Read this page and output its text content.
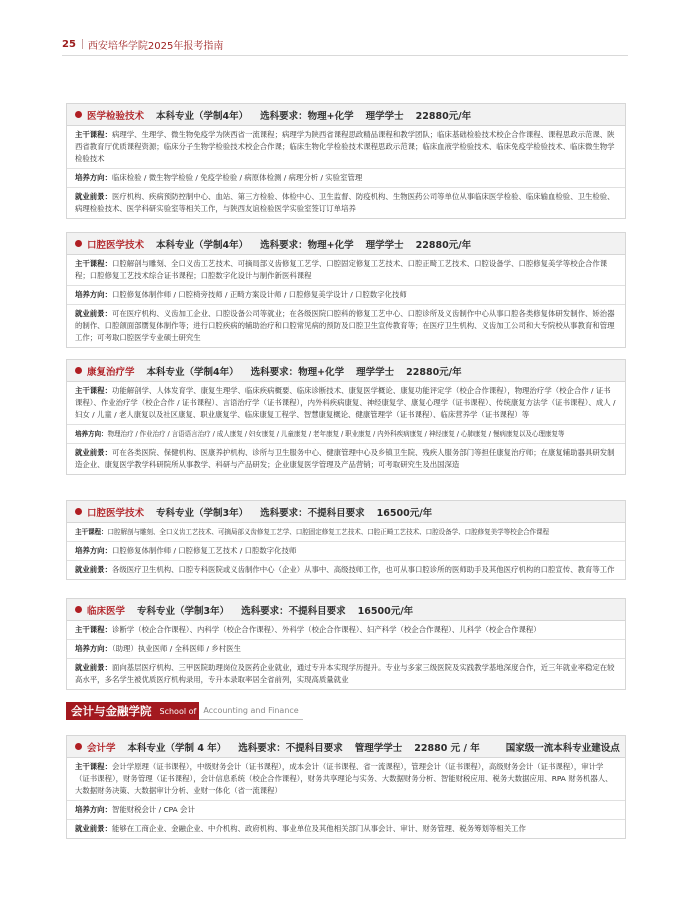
25 西安培华学院2025年报考指南
医学检验技术 本科专业（学制4年） 选科要求：物理+化学 理学学士 22880元/年
主干课程：病理学、生理学、微生物免疫学为陕西省一流课程；病理学为陕西省课程思政精品课程和教学团队；临床基础检验技术校企合作课程、课程思政示范课、陕西省教育厅优质课程资源；临床分子生物学检验技术校企合作课；临床生物化学检验技术课程思政示范课；临床血液学检验技术、临床免疫学检验技术、临床微生物学检验技术
培养方向：临床检验 / 微生物学检验 / 免疫学检验 / 病原体检测 / 病理分析 / 实验室管理
就业前景：医疗机构、疾病预防控制中心、血站、第三方检验、体检中心、卫生监督、防疫机构、生物医药公司等单位从事临床医学检验、临床输血检验、卫生检验、病理检验技术、医学科研实验室等相关工作，与陕西友谊检验医学实验室签订订单培养
口腔医学技术 本科专业（学制4年） 选科要求：物理+化学 理学学士 22880元/年
主干课程：口腔解剖与雕刻、全口义齿工艺技术、可摘局部义齿修复工艺学、口腔固定修复工艺技术、口腔正畸工艺技术、口腔设备学、口腔修复美学等校企合作课程；口腔修复工艺技术综合证书课程；口腔数字化设计与制作新医科课程
培养方向：口腔修复体制作师 / 口腔椅旁技师 / 正畸方案设计师 / 口腔修复美学设计 / 口腔数字化技师
就业前景：可在医疗机构、义齿加工企业、口腔设备公司等就业；在各级医院口腔科的修复工艺中心、口腔诊所及义齿制作中心从事口腔各类修复体研发制作、矫治器的制作、口腔颌面部赝复体制作等；进行口腔疾病的辅助治疗和口腔常见病的预防及口腔卫生宣传教育等；在医疗卫生机构、义齿加工公司和大专院校从事教育和管理工作；可考取口腔医学专业硕士研究生
康复治疗学 本科专业（学制4年） 选科要求：物理+化学 理学学士 22880元/年
主干课程：功能解剖学、人体发育学、康复生理学、临床疾病概要、临床诊断技术、康复医学概论、康复功能评定学（校企合作课程），物理治疗学（校企合作 / 证书课程）、作业治疗学（校企合作 / 证书课程）、言语治疗学（证书课程），内外科疾病康复、神经康复学、康复心理学（证书课程）、传统康复方法学（证书课程）、成人 / 妇女 / 儿童 / 老人康复以及社区康复、职业康复学、临床康复工程学、智慧康复概论、健康管理学（证书课程）、临床营养学（证书课程）等
培养方向：物理治疗 / 作业治疗 / 言语语言治疗 / 成人康复 / 妇女康复 / 儿童康复 / 老年康复 / 职业康复 / 内外科疾病康复 / 神经康复 / 心肺康复 / 慢病康复以及心理康复等
就业前景：可在各类医院、保健机构、医康养护机构、诊所与卫生服务中心、健康管理中心及乡镇卫生院、残疾人服务部门等担任康复治疗师；在康复辅助器具研发制造企业、康复医学教学科研院所从事教学、科研与产品研发；企业康复医学管理及产品营销；可考取研究生及出国深造
口腔医学技术 专科专业（学制3年） 选科要求：不提科目要求 16500元/年
主干课程：口腔解剖与雕刻、全口义齿工艺技术、可摘局部义齿修复工艺学、口腔固定修复工艺技术、口腔正畸工艺技术、口腔设备学、口腔修复美学等校企合作课程
培养方向：口腔修复体制作师 / 口腔修复工艺技术 / 口腔数字化技师
就业前景：各级医疗卫生机构、口腔专科医院或义齿制作中心（企业）从事中、高级技师工作，也可从事口腔诊所的医师助手及其他医疗机构的口腔宣传、教育等工作
临床医学 专科专业（学制3年） 选科要求：不提科目要求 16500元/年
主干课程：诊断学（校企合作课程）、内科学（校企合作课程）、外科学（校企合作课程）、妇产科学（校企合作课程）、儿科学（校企合作课程）
培养方向：（助理）执业医师 / 全科医师 / 乡村医生
就业前景：面向基层医疗机构、三甲医院助理岗位及医药企业就业，通过专升本实现学历提升。专业与多家三级医院及实践教学基地深度合作，近三年就业率稳定在较高水平，多名学生被优质医疗机构录用，专升本录取率居全省前列，实现高质量就业
会计学 本科专业（学制 4 年） 选科要求：不提科目要求 管理学学士 22880 元 / 年	国家级一流本科专业建设点
主干课程：会计学原理（证书课程），中级财务会计（证书课程），成本会计（证书课程、省一流课程），管理会计（证书课程），高级财务会计（证书课程），审计学（证书课程），财务管理（证书课程），会计信息系统（校企合作课程），财务共享理论与实务、大数据财务分析、智能财税应用、税务大数据应用、RPA 财务机器人、大数据财务决策、大数据审计分析、业财一体化（省一流课程）
培养方向：智能财税会计 / CPA 会计
就业前景：能够在工商企业、金融企业、中介机构、政府机构、事业单位及其他相关部门从事会计、审计、财务管理、税务筹划等相关工作
会计与金融学院	School of Accounting and Finance
